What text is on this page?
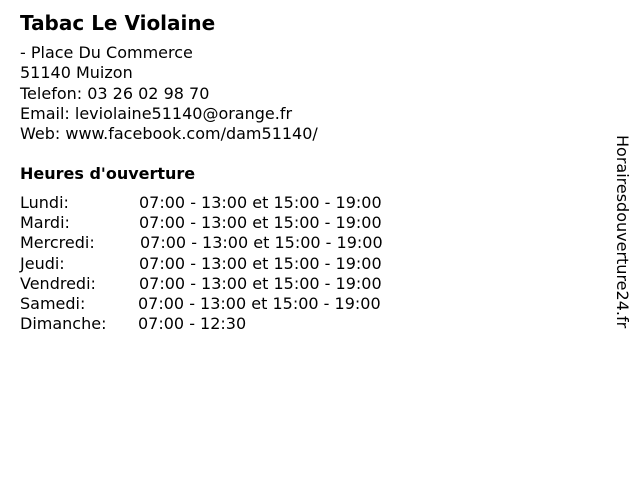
Tabac Le Violaine
- Place Du Commerce
51140 Muizon
Telefon: 03 26 02 98 70
Email: leviolaine51140@orange.fr
Web: www.facebook.com/dam51140/
Heures d'ouverture
Lundi:	07:00 - 13:00 et 15:00 - 19:00
Mardi:	07:00 - 13:00 et 15:00 - 19:00
Mercredi:	07:00 - 13:00 et 15:00 - 19:00
Jeudi:	07:00 - 13:00 et 15:00 - 19:00
Vendredi:	07:00 - 13:00 et 15:00 - 19:00
Samedi:	07:00 - 13:00 et 15:00 - 19:00
Dimanche:	07:00 - 12:30	Horairesdouverture24.fr
